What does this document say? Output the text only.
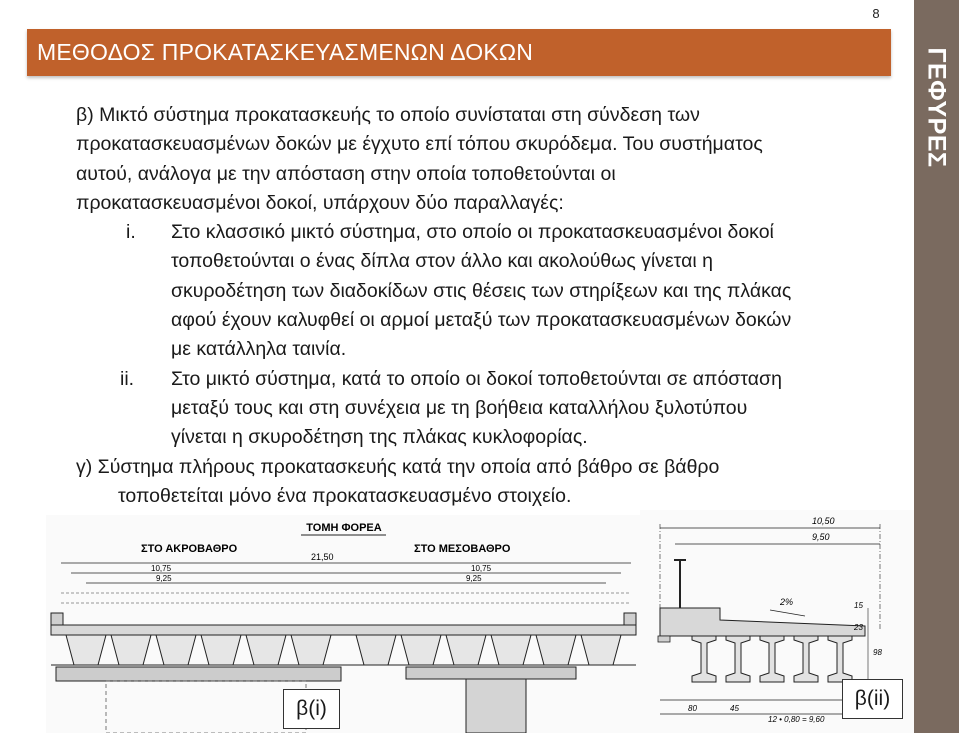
8
ΓΕΦΥΡΕΣ
ΜΕΘΟΔΟΣ ΠΡΟΚΑΤΑΣΚΕΥΑΣΜΕΝΩΝ ΔΟΚΩΝ

β) Μικτό σύστημα προκατασκευής το οποίο συνίσταται στη σύνδεση των
προκατασκευασμένων δοκών με έγχυτο επί τόπου σκυρόδεμα. Του συστήματος
αυτού, ανάλογα με την απόσταση στην οποία τοποθετούνται οι
προκατασκευασμένοι δοκοί, υπάρχουν δύο παραλλαγές:

i. Στο κλασσικό μικτό σύστημα, στο οποίο οι προκατασκευασμένοι δοκοί
τοποθετούνται ο ένας δίπλα στον άλλο και ακολούθως γίνεται η
σκυροδέτηση των διαδοκίδων στις θέσεις των στηρίξεων και της πλάκας
αφού έχουν καλυφθεί οι αρμοί μεταξύ των προκατασκευασμένων δοκών
με κατάλληλα ταινία.

ii. Στο μικτό σύστημα, κατά το οποίο οι δοκοί τοποθετούνται σε απόσταση
μεταξύ τους και στη συνέχεια με τη βοήθεια καταλλήλου ξυλοτύπου
γίνεται η σκυροδέτηση της πλάκας κυκλοφορίας.

γ) Σύστημα πλήρους προκατασκευής κατά την οποία από βάθρο σε βάθρο
τοποθετείται μόνο ένα προκατασκευασμένο στοιχείο.

ΤΟΜΗ ΦΟΡΕΑ
ΣΤΟ ΑΚΡΟΒΑΘΡΟ	ΣΤΟ ΜΕΣΟΒΑΘΡΟ
21,50
10,75	10,75
9,25	9,25
10,50
9,50
2%	15
23
98
80	45
12 • 0,80 = 9,60
β(i)	β(ii)
